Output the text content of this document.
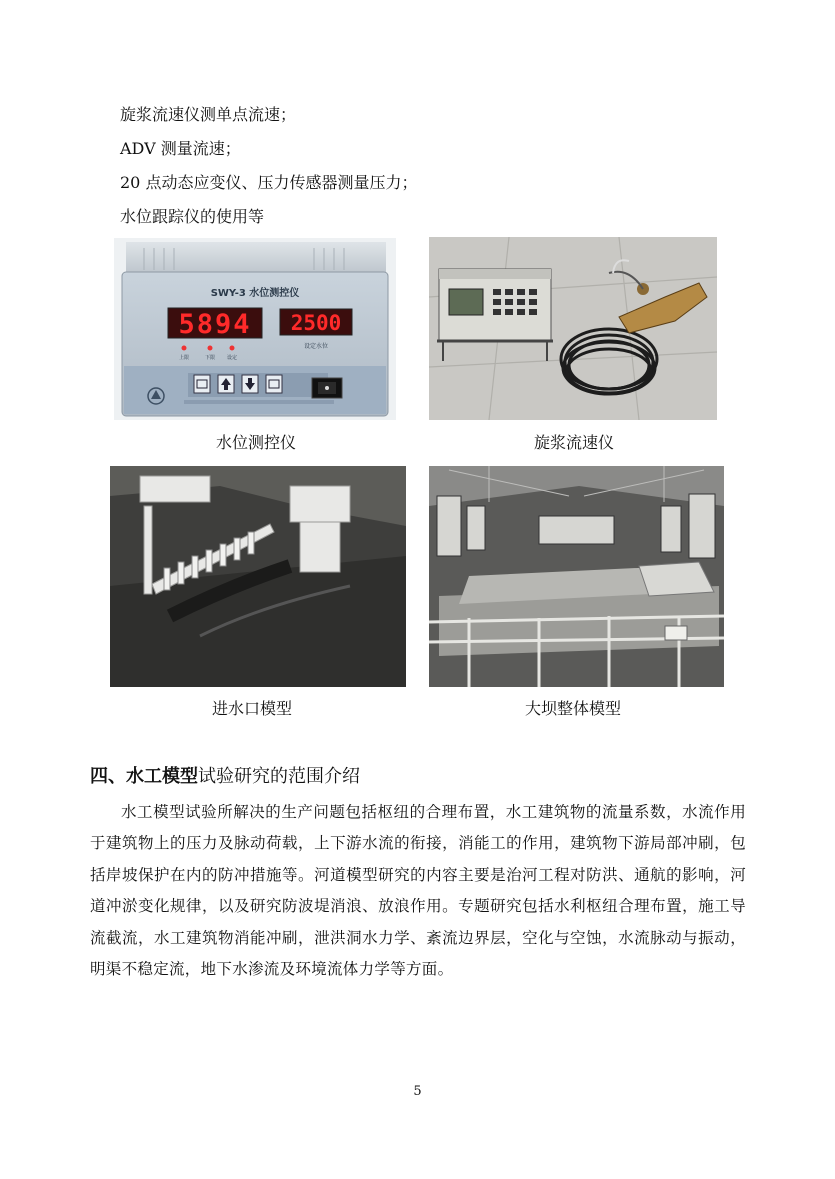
旋浆流速仪测单点流速；
ADV 测量流速；
20 点动态应变仪、压力传感器测量压力；
水位跟踪仪的使用等
SWY-3 水位测控仪
5894 2500
设定水位
上限	下限 设定
水位测控仪	旋浆流速仪
进水口模型	大坝整体模型
四、水工模型试验研究的范围介绍
水工模型试验所解决的生产问题包括枢纽的合理布置，水工建筑物的流量系数，水流作用于建筑物上的压力及脉动荷载，上下游水流的衔接，消能工的作用，建筑物下游局部冲刷，包括岸坡保护在内的防冲措施等。河道模型研究的内容主要是治河工程对防洪、通航的影响，河道冲淤变化规律，以及研究防波堤消浪、放浪作用。专题研究包括水利枢纽合理布置，施工导流截流，水工建筑物消能冲刷，泄洪洞水力学、紊流边界层，空化与空蚀，水流脉动与振动，明渠不稳定流，地下水渗流及环境流体力学等方面。
5
